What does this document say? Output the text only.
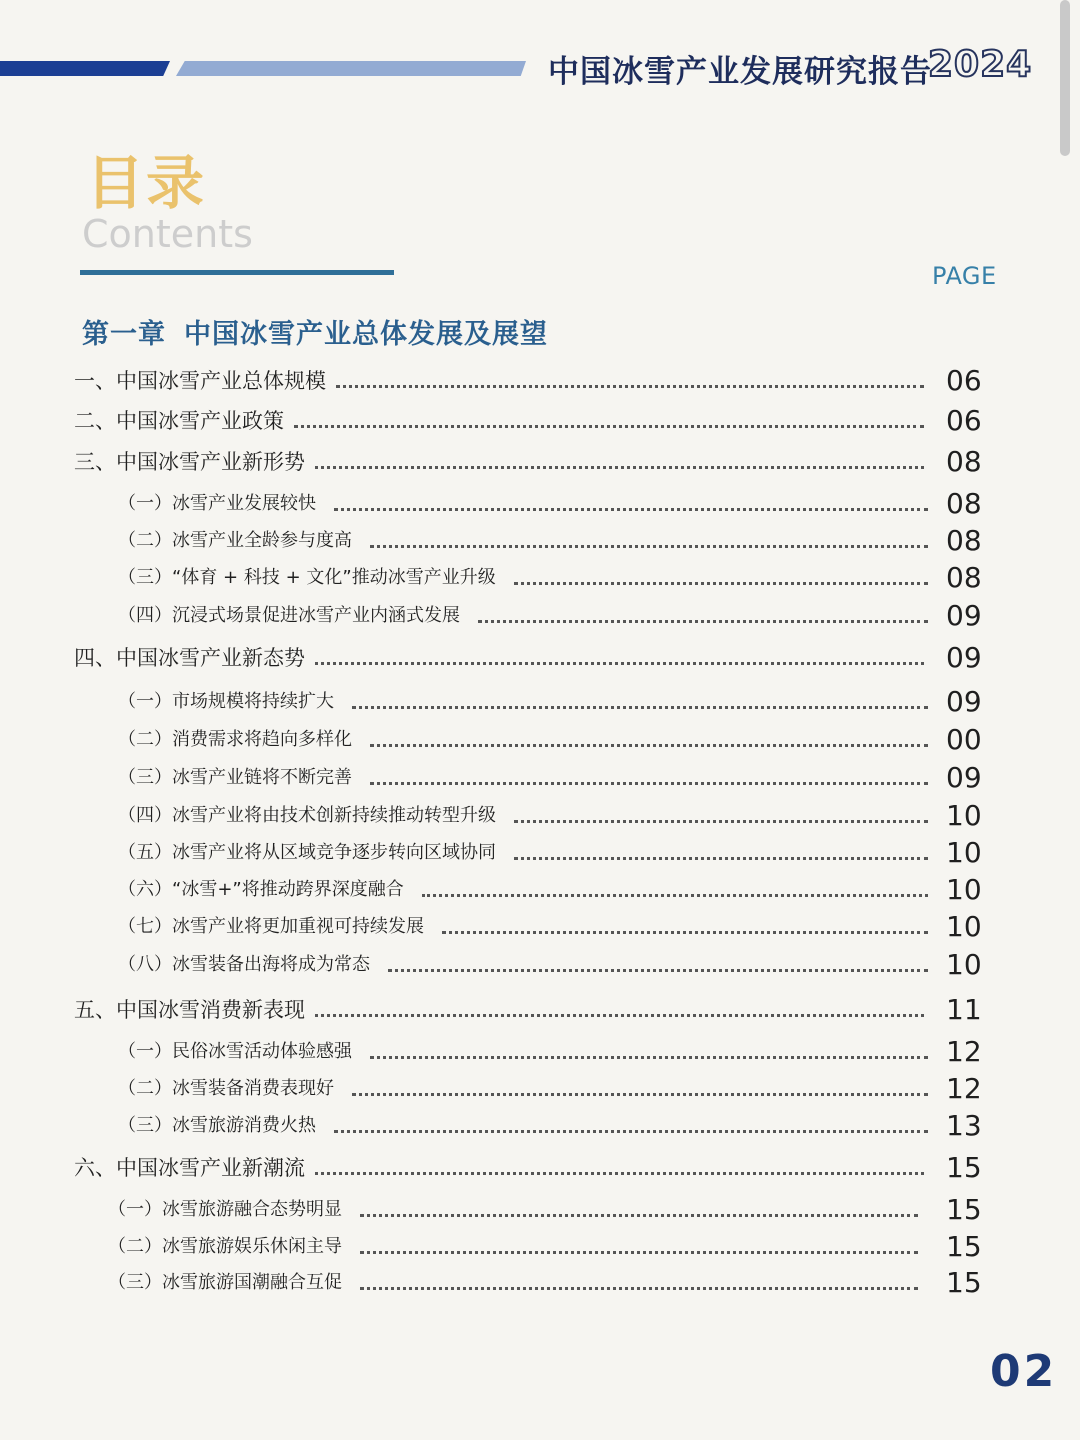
中国冰雪产业发展研究报告
2024
目录
Contents
PAGE
第一章 中国冰雪产业总体发展及展望
一、中国冰雪产业总体规模	06
二、中国冰雪产业政策	06
三、中国冰雪产业新形势	08
（一）冰雪产业发展较快	08
（二）冰雪产业全龄参与度高	08
（三）“体育 + 科技 + 文化”推动冰雪产业升级	08
（四）沉浸式场景促进冰雪产业内涵式发展	09
四、中国冰雪产业新态势	09
（一）市场规模将持续扩大	09
（二）消费需求将趋向多样化	00
（三）冰雪产业链将不断完善	09
（四）冰雪产业将由技术创新持续推动转型升级	10
（五）冰雪产业将从区域竞争逐步转向区域协同	10
（六）“冰雪+”将推动跨界深度融合	10
（七）冰雪产业将更加重视可持续发展	10
（八）冰雪装备出海将成为常态	10
五、中国冰雪消费新表现	11
（一）民俗冰雪活动体验感强	12
（二）冰雪装备消费表现好	12
（三）冰雪旅游消费火热	13
六、中国冰雪产业新潮流	15
（一）冰雪旅游融合态势明显	15
（二）冰雪旅游娱乐休闲主导	15
（三）冰雪旅游国潮融合互促	15
02
